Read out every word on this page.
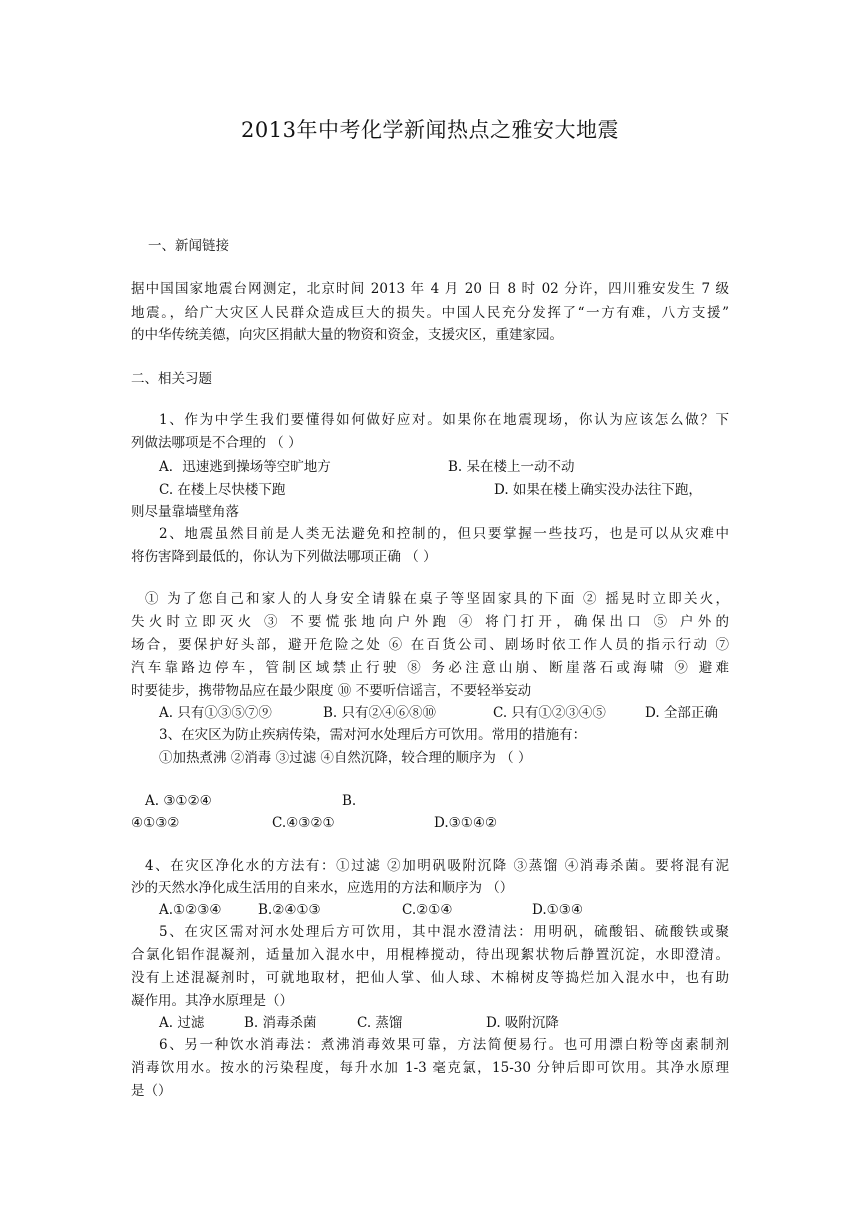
2013年中考化学新闻热点之雅安大地震
一、新闻链接
据中国国家地震台网测定，北京时间 2013 年 4 月 20 日 8 时 02 分许，四川雅安发生 7 级
地震。，给广大灾区人民群众造成巨大的损失。中国人民充分发挥了“一方有难，八方支援”
的中华传统美德，向灾区捐献大量的物资和资金，支援灾区，重建家园。
二、相关习题
1、作为中学生我们要懂得如何做好应对。如果你在地震现场，你认为应该怎么做？下
列做法哪项是不合理的 （ ）
A．迅速逃到操场等空旷地方	B. 呆在楼上一动不动
C. 在楼上尽快楼下跑	D. 如果在楼上确实没办法往下跑，
则尽量靠墙壁角落
2、地震虽然目前是人类无法避免和控制的，但只要掌握一些技巧，也是可以从灾难中
将伤害降到最低的，你认为下列做法哪项正确 （ ）
① 为了您自己和家人的人身安全请躲在桌子等坚固家具的下面 ② 摇晃时立即关火，
失火时立即灭火 ③ 不要慌张地向户外跑 ④ 将门打开，确保出口 ⑤ 户外的
场合，要保护好头部，避开危险之处 ⑥ 在百货公司、剧场时依工作人员的指示行动 ⑦
汽车靠路边停车，管制区域禁止行驶 ⑧ 务必注意山崩、断崖落石或海啸 ⑨ 避难
时要徒步，携带物品应在最少限度 ⑩ 不要听信谣言，不要轻举妄动
A. 只有①③⑤⑦⑨	B. 只有②④⑥⑧⑩	C. 只有①②③④⑤	D. 全部正确
3、在灾区为防止疾病传染，需对河水处理后方可饮用。常用的措施有：
①加热煮沸 ②消毒 ③过滤 ④自然沉降，较合理的顺序为 （ ）
A. ③①②④	B.
④①③②	C.④③②①	D.③①④②
4、在灾区净化水的方法有：①过滤 ②加明矾吸附沉降 ③蒸馏 ④消毒杀菌。要将混有泥
沙的天然水净化成生活用的自来水，应选用的方法和顺序为 （）
A.①②③④	B.②④①③	C.②①④	D.①③④
5、在灾区需对河水处理后方可饮用，其中混水澄清法：用明矾，硫酸铝、硫酸铁或聚
合氯化铝作混凝剂，适量加入混水中，用棍棒搅动，待出现絮状物后静置沉淀，水即澄清。
没有上述混凝剂时，可就地取材，把仙人掌、仙人球、木棉树皮等捣烂加入混水中，也有助
凝作用。其净水原理是（）
A. 过滤	B. 消毒杀菌	C. 蒸馏	D. 吸附沉降
6、另一种饮水消毒法：煮沸消毒效果可靠，方法简便易行。也可用漂白粉等卤素制剂
消毒饮用水。按水的污染程度，每升水加 1-3 毫克氯，15-30 分钟后即可饮用。其净水原理
是（）
